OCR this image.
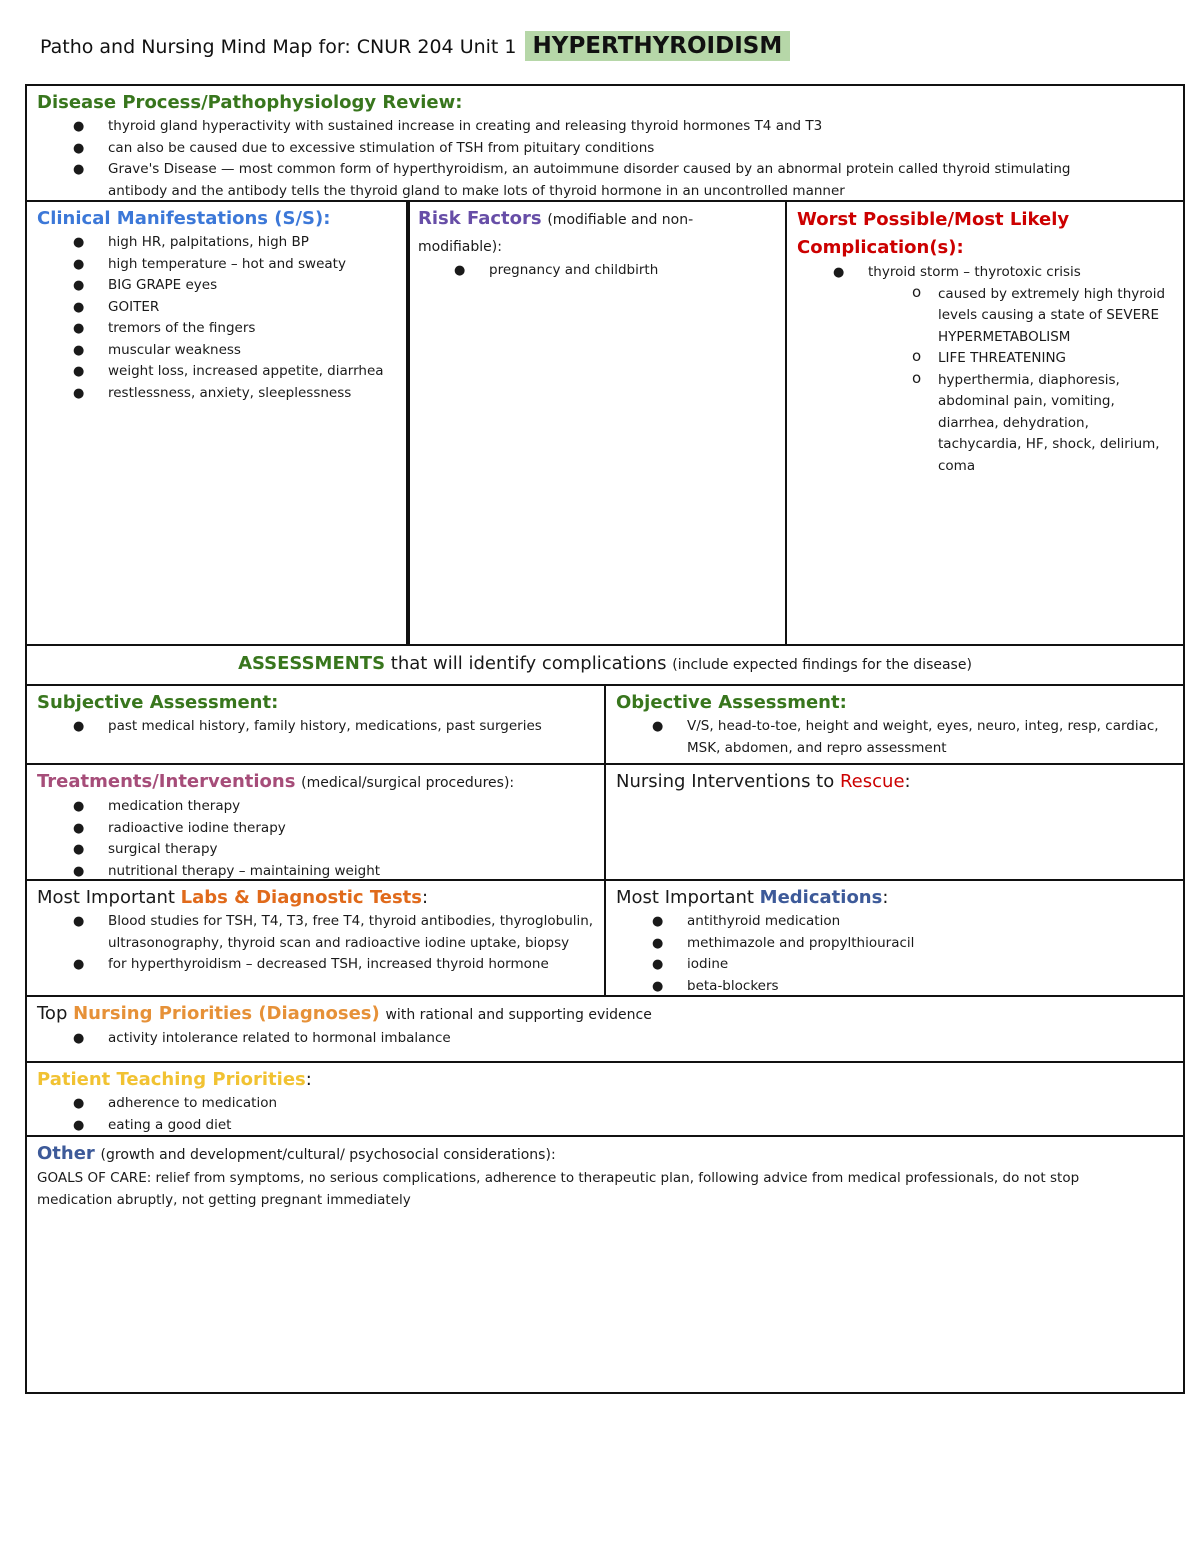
Patho and Nursing Mind Map for: CNUR 204 Unit 1 HYPERTHYROIDISM
Disease Process/Pathophysiology Review:
● thyroid gland hyperactivity with sustained increase in creating and releasing thyroid hormones T4 and T3
● can also be caused due to excessive stimulation of TSH from pituitary conditions
● Grave's Disease — most common form of hyperthyroidism, an autoimmune disorder caused by an abnormal protein called thyroid stimulating antibody and the antibody tells the thyroid gland to make lots of thyroid hormone in an uncontrolled manner
Clinical Manifestations (S/S):
● high HR, palpitations, high BP
● high temperature – hot and sweaty
● BIG GRAPE eyes
● GOITER
● tremors of the fingers
● muscular weakness
● weight loss, increased appetite, diarrhea
● restlessness, anxiety, sleeplessness
Risk Factors (modifiable and non-modifiable):
● pregnancy and childbirth
Worst Possible/Most Likely Complication(s):
● thyroid storm – thyrotoxic crisis
o caused by extremely high thyroid levels causing a state of SEVERE HYPERMETABOLISM
o LIFE THREATENING
o hyperthermia, diaphoresis, abdominal pain, vomiting, diarrhea, dehydration, tachycardia, HF, shock, delirium, coma
ASSESSMENTS that will identify complications (include expected findings for the disease)
Subjective Assessment:
● past medical history, family history, medications, past surgeries
Objective Assessment:
● V/S, head-to-toe, height and weight, eyes, neuro, integ, resp, cardiac, MSK, abdomen, and repro assessment
Treatments/Interventions (medical/surgical procedures):
● medication therapy
● radioactive iodine therapy
● surgical therapy
● nutritional therapy – maintaining weight
Nursing Interventions to Rescue:
Most Important Labs & Diagnostic Tests:
● Blood studies for TSH, T4, T3, free T4, thyroid antibodies, thyroglobulin, ultrasonography, thyroid scan and radioactive iodine uptake, biopsy
● for hyperthyroidism – decreased TSH, increased thyroid hormone
Most Important Medications:
● antithyroid medication
● methimazole and propylthiouracil
● iodine
● beta-blockers
Top Nursing Priorities (Diagnoses) with rational and supporting evidence
● activity intolerance related to hormonal imbalance
Patient Teaching Priorities:
● adherence to medication
● eating a good diet
Other (growth and development/cultural/ psychosocial considerations):
GOALS OF CARE: relief from symptoms, no serious complications, adherence to therapeutic plan, following advice from medical professionals, do not stop medication abruptly, not getting pregnant immediately
